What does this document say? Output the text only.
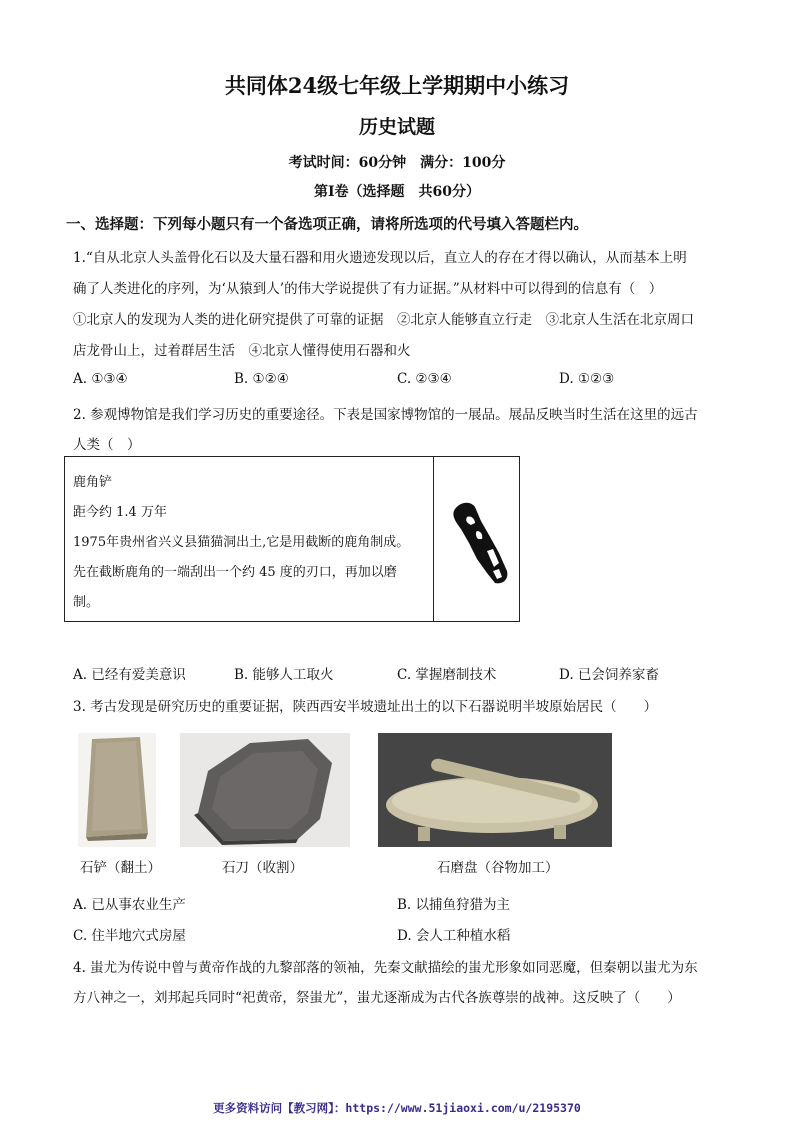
共同体24级七年级上学期期中小练习
历史试题
考试时间：60分钟　满分：100分
第Ⅰ卷（选择题　共60分）
一、选择题：下列每小题只有一个备选项正确，请将所选项的代号填入答题栏内。
1.“自从北京人头盖骨化石以及大量石器和用火遗迹发现以后，直立人的存在才得以确认，从而基本上明
确了人类进化的序列，为‘从猿到人’的伟大学说提供了有力证据。”从材料中可以得到的信息有（　）
①北京人的发现为人类的进化研究提供了可靠的证据　②北京人能够直立行走　③北京人生活在北京周口
店龙骨山上，过着群居生活　④北京人懂得使用石器和火
A. ①③④	B. ①②④	C. ②③④	D. ①②③
2. 参观博物馆是我们学习历史的重要途径。下表是国家博物馆的一展品。展品反映当时生活在这里的远古
人类（　）
鹿角铲
距今约 1.4 万年
1975年贵州省兴义县猫猫洞出土,它是用截断的鹿角制成。
先在截断鹿角的一端刮出一个约 45 度的刃口，再加以磨
制。
A. 已经有爱美意识	B. 能够人工取火	C. 掌握磨制技术	D. 已会饲养家畜
3. 考古发现是研究历史的重要证据，陕西西安半坡遗址出土的以下石器说明半坡原始居民（　　）
石铲（翻土）	石刀（收割）	石磨盘（谷物加工）
A. 已从事农业生产	B. 以捕鱼狩猎为主
C. 住半地穴式房屋	D. 会人工种植水稻
4. 蚩尤为传说中曾与黄帝作战的九黎部落的领袖，先秦文献描绘的蚩尤形象如同恶魔，但秦朝以蚩尤为东
方八神之一，刘邦起兵同时“祀黄帝，祭蚩尤”，蚩尤逐渐成为古代各族尊崇的战神。这反映了（　　）
更多资料访问【教习网】：https://www.51jiaoxi.com/u/2195370
